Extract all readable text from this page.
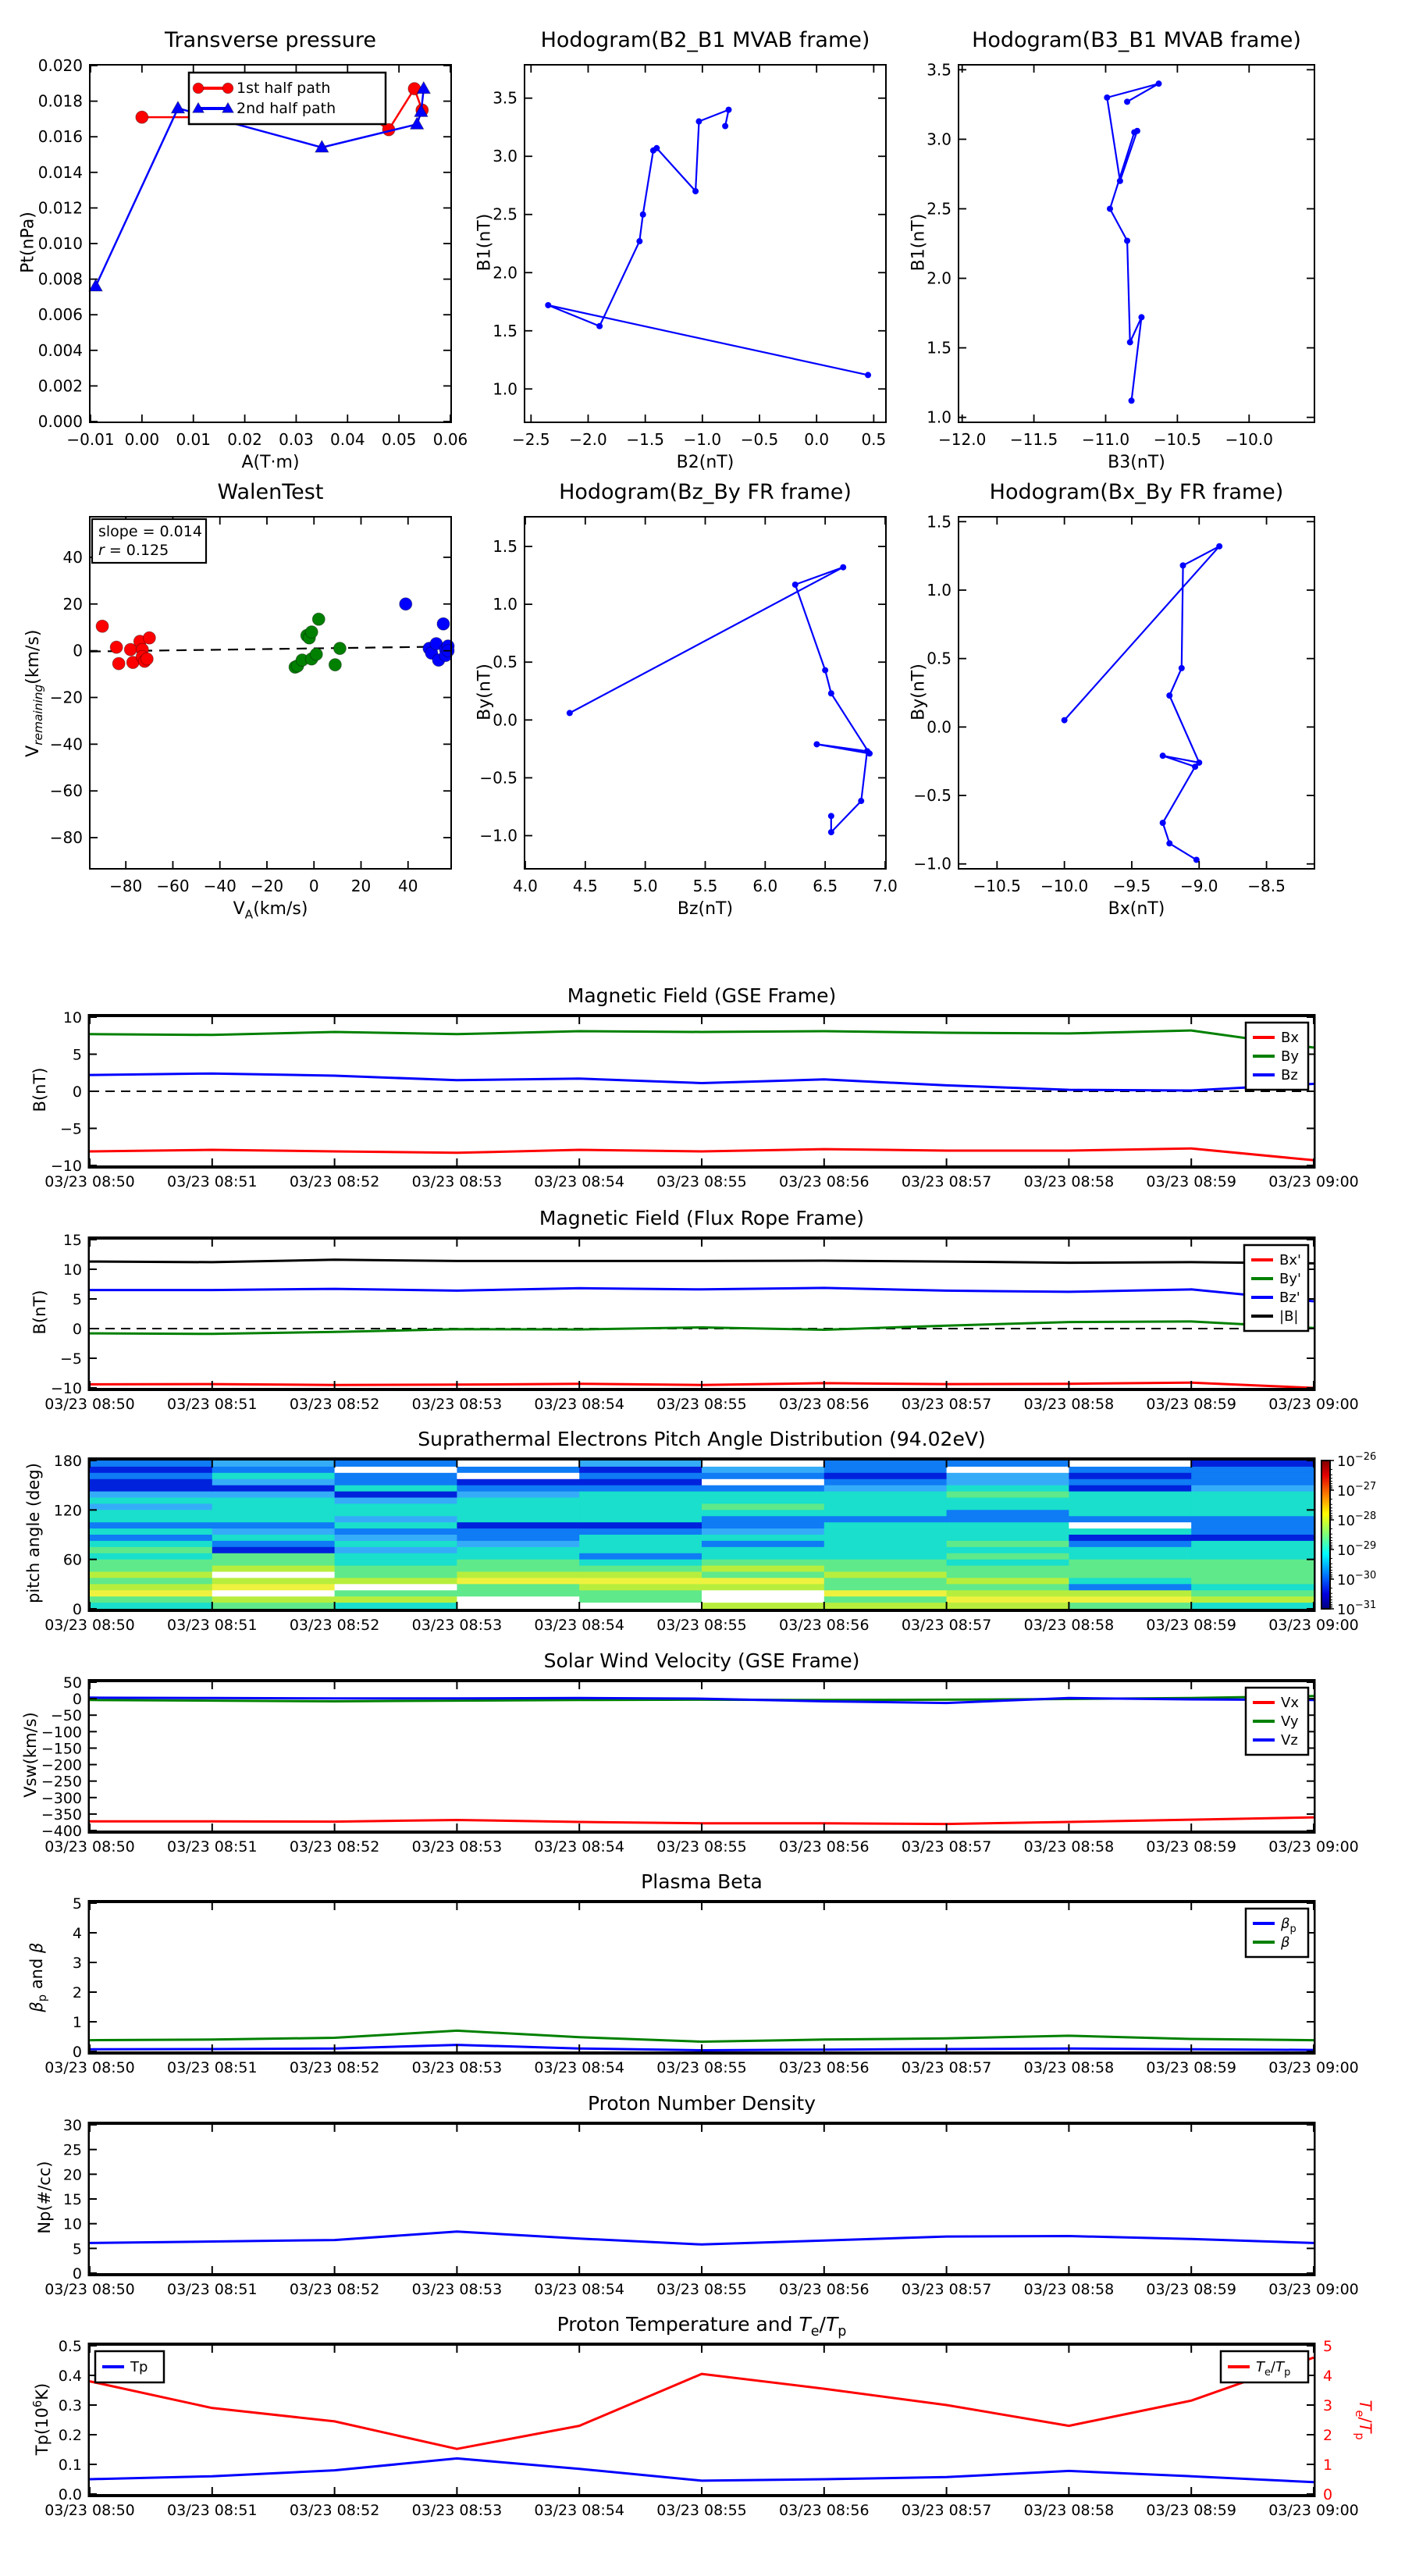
−0.01 0.00 0.01 0.02 0.03 0.04 0.05 0.06
0.000
0.002
0.004
0.006
0.008
0.010
0.012
0.014
0.016
0.018
0.020
1st half path
2nd half path
−2.5 −2.0 −1.5 −1.0 −0.5 0.0 0.5
1.0
1.5
2.0
2.5
3.0
3.5
−12.0 −11.5 −11.0 −10.5 −10.0
1.0
1.5
2.0
2.5
3.0
3.5
−80 −60 −40 −20 0 20 40
−80
−60
−40
−20
0
20
40
slope = 0.014
r = 0.125
4.0 4.5 5.0 5.5 6.0 6.5 7.0
−1.0
−0.5
0.0
0.5
1.0
1.5
−10.5 −10.0 −9.5 −9.0 −8.5
−1.0
−0.5
0.0
0.5
1.0
1.5
03/23 08:50 03/23 08:51 03/23 08:52 03/23 08:53 03/23 08:54 03/23 08:55 03/23 08:56 03/23 08:57 03/23 08:58 03/23 08:59 03/23 09:00
−10
−5
0
5
10
Bx
By
Bz
03/23 08:50 03/23 08:51 03/23 08:52 03/23 08:53 03/23 08:54 03/23 08:55 03/23 08:56 03/23 08:57 03/23 08:58 03/23 08:59 03/23 09:00
−10
−5
0
5
10
15
Bx'
By'
Bz'
|B|
03/23 08:50 03/23 08:51 03/23 08:52 03/23 08:53 03/23 08:54 03/23 08:55 03/23 08:56 03/23 08:57 03/23 08:58 03/23 08:59 03/23 09:00
0
60
120
180	$10^{-26}$
$10^{-27}$
$10^{-28}$
$10^{-29}$
$10^{-30}$
$10^{-31}$
03/23 08:50 03/23 08:51 03/23 08:52 03/23 08:53 03/23 08:54 03/23 08:55 03/23 08:56 03/23 08:57 03/23 08:58 03/23 08:59 03/23 09:00
50
0
−50
−100
−150
−200
−250
−300
−350
−400
Vx
Vy
Vz
03/23 08:50 03/23 08:51 03/23 08:52 03/23 08:53 03/23 08:54 03/23 08:55 03/23 08:56 03/23 08:57 03/23 08:58 03/23 08:59 03/23 09:00
0
1
2
3
4
5
$\beta_p$
β
03/23 08:50 03/23 08:51 03/23 08:52 03/23 08:53 03/23 08:54 03/23 08:55 03/23 08:56 03/23 08:57 03/23 08:58 03/23 08:59 03/23 09:00
0
5
10
15
20
25
30
03/23 08:50 03/23 08:51 03/23 08:52 03/23 08:53 03/23 08:54 03/23 08:55 03/23 08:56 03/23 08:57 03/23 08:58 03/23 08:59 03/23 09:00
0.0
0.1
0.2
0.3
0.4
0.5
0
1
2
3
4
5
Tp	$T_e/T_p$
Transverse pressure	Hodogram(B2_B1 MVAB frame)	Hodogram(B3_B1 MVAB frame)
WalenTest	Hodogram(Bz_By FR frame)	Hodogram(Bx_By FR frame)
Magnetic Field (GSE Frame)
Magnetic Field (Flux Rope Frame)
Suprathermal Electrons Pitch Angle Distribution (94.02eV)
Solar Wind Velocity (GSE Frame)
Plasma Beta
Proton Number Density
Proton Temperature and $T_e/T_p$
A(T·m)	B2(nT)	B3(nT)
$V_A(km/s)$	Bz(nT)	Bx(nT)
Pt(nPa)	B1(nT)	B1(nT)
$V_{remaining}(km/s)$
By(nT)	By(nT)
B(nT)
B(nT)
pitch angle (deg)
Vsw(km/s)
$\beta_p$ and β
Np(#/cc)
$Tp(10^6K)$
$T_e/T_p$
